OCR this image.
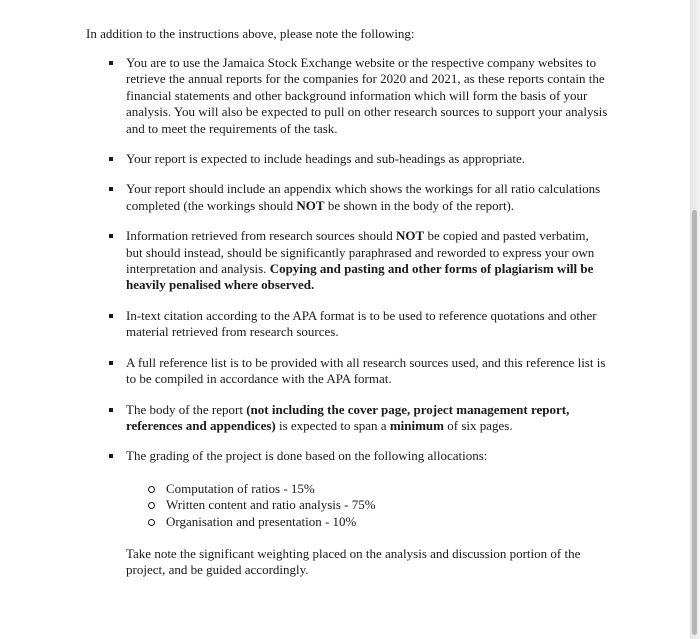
In addition to the instructions above, please note the following:
You are to use the Jamaica Stock Exchange website or the respective company websites to retrieve the annual reports for the companies for 2020 and 2021, as these reports contain the financial statements and other background information which will form the basis of your analysis. You will also be expected to pull on other research sources to support your analysis and to meet the requirements of the task.
Your report is expected to include headings and sub-headings as appropriate.
Your report should include an appendix which shows the workings for all ratio calculations completed (the workings should NOT be shown in the body of the report).
Information retrieved from research sources should NOT be copied and pasted verbatim, but should instead, should be significantly paraphrased and reworded to express your own interpretation and analysis. Copying and pasting and other forms of plagiarism will be heavily penalised where observed.
In-text citation according to the APA format is to be used to reference quotations and other material retrieved from research sources.
A full reference list is to be provided with all research sources used, and this reference list is to be compiled in accordance with the APA format.
The body of the report (not including the cover page, project management report, references and appendices) is expected to span a minimum of six pages.
The grading of the project is done based on the following allocations:
Computation of ratios - 15%
Written content and ratio analysis - 75%
Organisation and presentation - 10%
Take note the significant weighting placed on the analysis and discussion portion of the project, and be guided accordingly.
